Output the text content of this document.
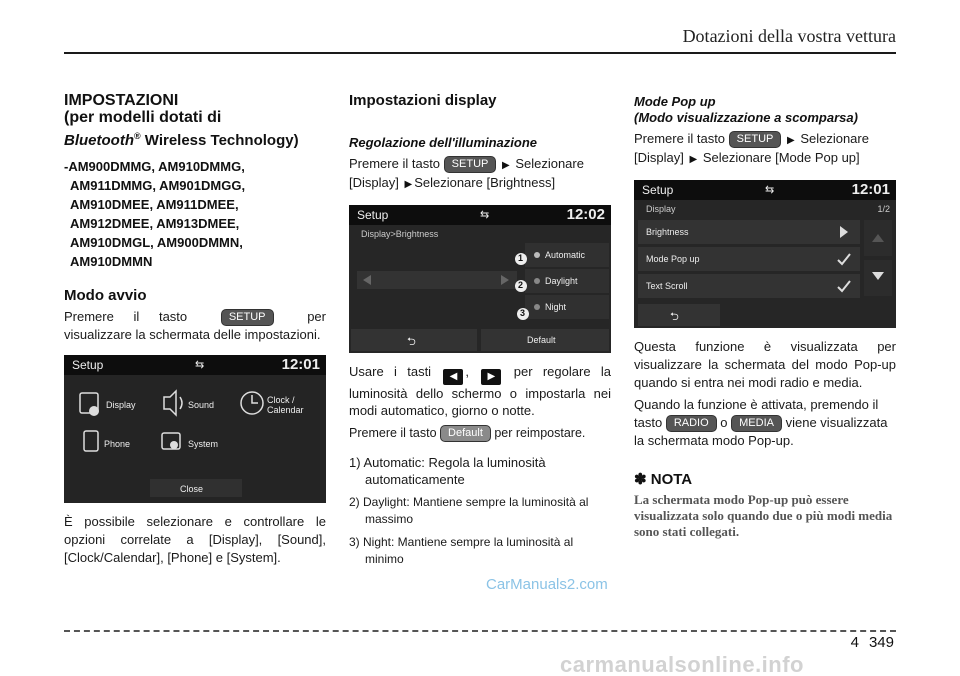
Dotazioni della vostra vettura
IMPOSTAZIONI
(per modelli dotati di
Bluetooth® Wireless Technology)
-AM900DMMG, AM910DMMG,
AM911DMMG, AM901DMGG,
AM910DMEE, AM911DMEE,
AM912DMEE, AM913DMEE,
AM910DMGL, AM900DMMN,
AM910DMMN
Modo avvio

Premere il tasto	SETUP	per visualizzare la schermata delle impostazioni.

Setup	⇆	12:01
Display	Sound	Clock /
Calendar
Phone	System
Close

È possibile selezionare e controllare le opzioni correlate a [Display], [Sound], [Clock/Calendar], [Phone] e [System].

Impostazioni display
Regolazione dell'illuminazione

Premere il tasto SETUP ▶ Selezionare
[Display] ▶ Selezionare [Brightness]

Setup	⇆	12:02
Display>Brightness
Automatic
Daylight
Night
1
2
3
⮌	Default

Usare i tasti ◀ , ▶ per regolare la luminosità dello schermo o impostarla nei modi automatico, giorno o notte.

Premere il tasto Default per reimpostare.

1) Automatic: Regola la luminosità automaticamente
2) Daylight: Mantiene sempre la luminosità al massimo
3) Night: Mantiene sempre la luminosità al minimo
Mode Pop up
(Modo visualizzazione a scomparsa)

Premere il tasto SETUP ▶ Selezionare
[Display] ▶ Selezionare [Mode Pop up]

Setup	⇆	12:01
Display	1/2
Brightness
Mode Pop up
Text Scroll
⮌

Questa funzione è visualizzata per visualizzare la schermata del modo Pop-up quando si entra nei modi radio e media.

Quando la funzione è attivata, premendo il tasto RADIO o MEDIA viene visualizzata la schermata modo Pop-up.

✽ NOTA
La schermata modo Pop-up può essere visualizzata solo quando due o più modi media sono stati collegati.
CarManuals2.com
4 349
carmanualsonline.info
